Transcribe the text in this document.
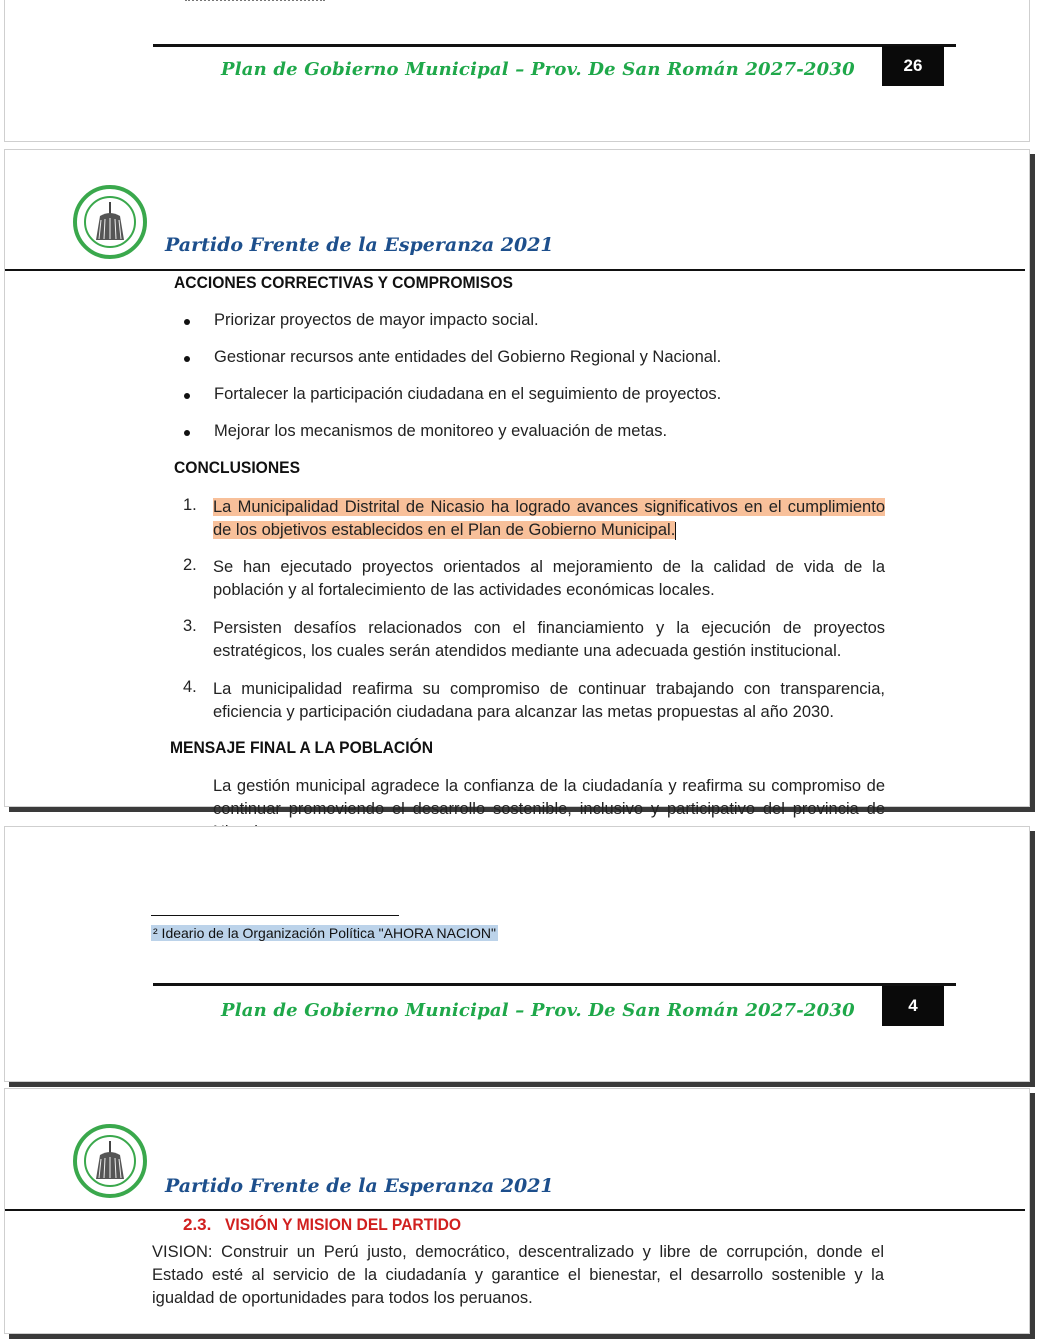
Plan de Gobierno Municipal – Prov. De San Román 2027-2030	26
Partido Frente de la Esperanza 2021
ACCIONES CORRECTIVAS Y COMPROMISOS
Priorizar proyectos de mayor impacto social.
Gestionar recursos ante entidades del Gobierno Regional y Nacional.
Fortalecer la participación ciudadana en el seguimiento de proyectos.
Mejorar los mecanismos de monitoreo y evaluación de metas.
CONCLUSIONES
1. La Municipalidad Distrital de Nicasio ha logrado avances significativos en el cumplimiento de los objetivos establecidos en el Plan de Gobierno Municipal.
2. Se han ejecutado proyectos orientados al mejoramiento de la calidad de vida de la población y al fortalecimiento de las actividades económicas locales.
3. Persisten desafíos relacionados con el financiamiento y la ejecución de proyectos estratégicos, los cuales serán atendidos mediante una adecuada gestión institucional.
4. La municipalidad reafirma su compromiso de continuar trabajando con transparencia, eficiencia y participación ciudadana para alcanzar las metas propuestas al año 2030.
MENSAJE FINAL A LA POBLACIÓN
La gestión municipal agradece la confianza de la ciudadanía y reafirma su compromiso de continuar promoviendo el desarrollo sostenible, inclusivo y participativo del provincia de
² Ideario de la Organización Política "AHORA NACION"
Plan de Gobierno Municipal – Prov. De San Román 2027-2030	4
Partido Frente de la Esperanza 2021
2.3. VISIÓN Y MISION DEL PARTIDO
VISION: Construir un Perú justo, democrático, descentralizado y libre de corrupción, donde el Estado esté al servicio de la ciudadanía y garantice el bienestar, el desarrollo sostenible y la igualdad de oportunidades para todos los peruanos.
